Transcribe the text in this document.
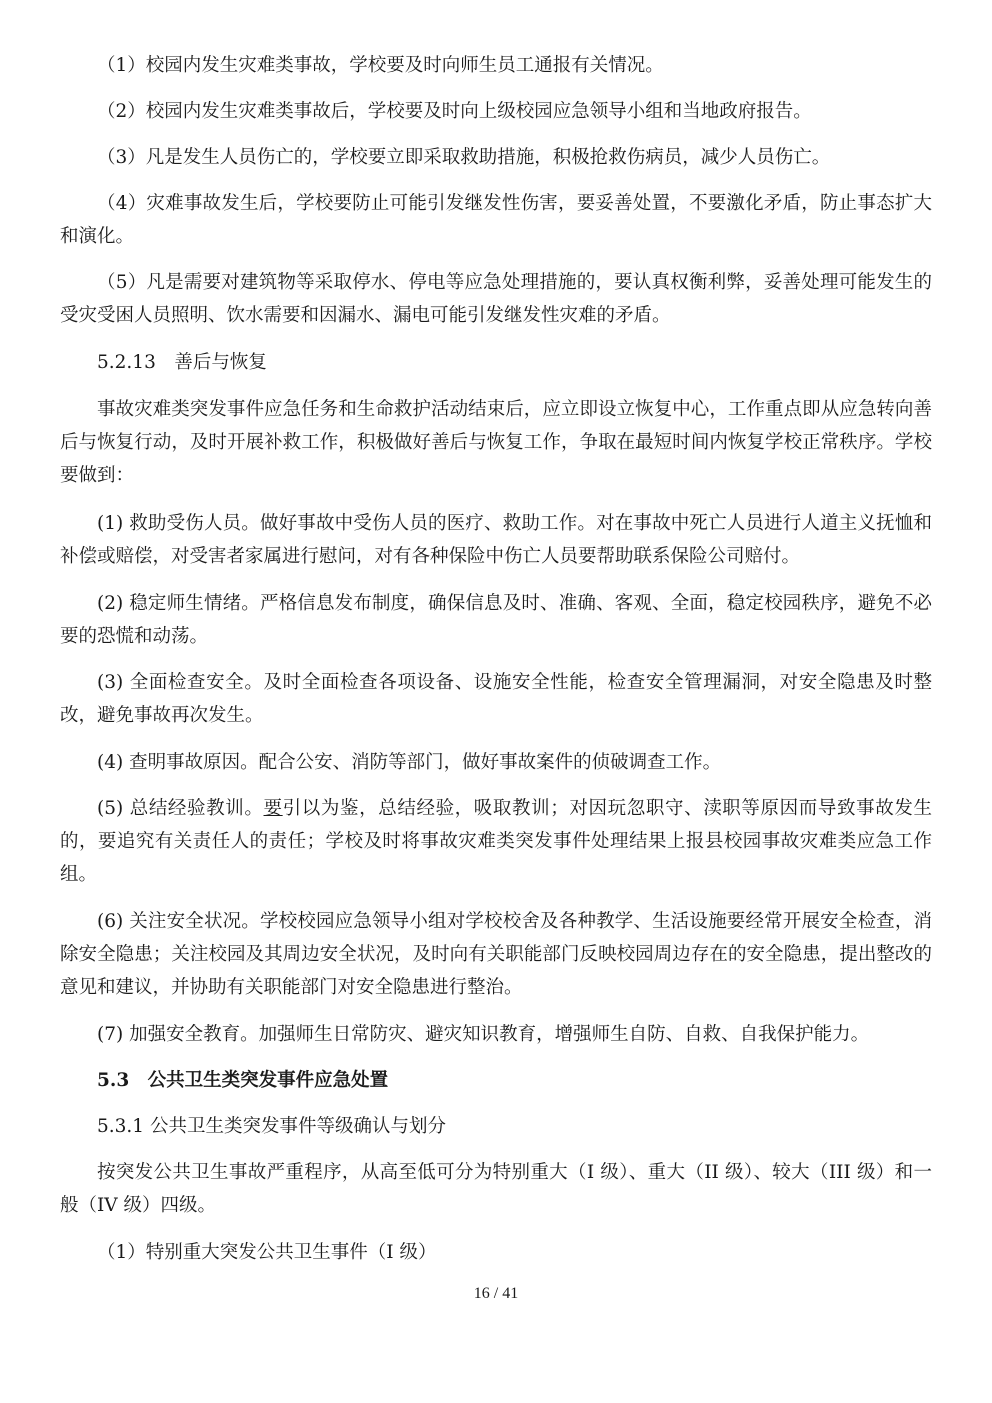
（1）校园内发生灾难类事故，学校要及时向师生员工通报有关情况。

（2）校园内发生灾难类事故后，学校要及时向上级校园应急领导小组和当地政府报告。

（3）凡是发生人员伤亡的，学校要立即采取救助措施，积极抢救伤病员，减少人员伤亡。

（4）灾难事故发生后，学校要防止可能引发继发性伤害，要妥善处置，不要激化矛盾，防止事态扩大和演化。

（5）凡是需要对建筑物等采取停水、停电等应急处理措施的，要认真权衡利弊，妥善处理可能发生的受灾受困人员照明、饮水需要和因漏水、漏电可能引发继发性灾难的矛盾。

5.2.13　善后与恢复

事故灾难类突发事件应急任务和生命救护活动结束后，应立即设立恢复中心，工作重点即从应急转向善后与恢复行动，及时开展补救工作，积极做好善后与恢复工作，争取在最短时间内恢复学校正常秩序。学校要做到：

(1) 救助受伤人员。做好事故中受伤人员的医疗、救助工作。对在事故中死亡人员进行人道主义抚恤和补偿或赔偿，对受害者家属进行慰问，对有各种保险中伤亡人员要帮助联系保险公司赔付。

(2) 稳定师生情绪。严格信息发布制度，确保信息及时、准确、客观、全面，稳定校园秩序，避免不必要的恐慌和动荡。

(3) 全面检查安全。及时全面检查各项设备、设施安全性能，检查安全管理漏洞，对安全隐患及时整改，避免事故再次发生。

(4) 查明事故原因。配合公安、消防等部门，做好事故案件的侦破调查工作。

(5) 总结经验教训。要引以为鉴，总结经验，吸取教训；对因玩忽职守、渎职等原因而导致事故发生的，要追究有关责任人的责任；学校及时将事故灾难类突发事件处理结果上报县校园事故灾难类应急工作组。

(6) 关注安全状况。学校校园应急领导小组对学校校舍及各种教学、生活设施要经常开展安全检查，消除安全隐患；关注校园及其周边安全状况，及时向有关职能部门反映校园周边存在的安全隐患，提出整改的意见和建议，并协助有关职能部门对安全隐患进行整治。

(7) 加强安全教育。加强师生日常防灾、避灾知识教育，增强师生自防、自救、自我保护能力。

5.3　公共卫生类突发事件应急处置

5.3.1 公共卫生类突发事件等级确认与划分

按突发公共卫生事故严重程序，从高至低可分为特别重大（I 级）、重大（II 级）、较大（III 级）和一般（IV 级）四级。

（1）特别重大突发公共卫生事件（I 级）

16 / 41
